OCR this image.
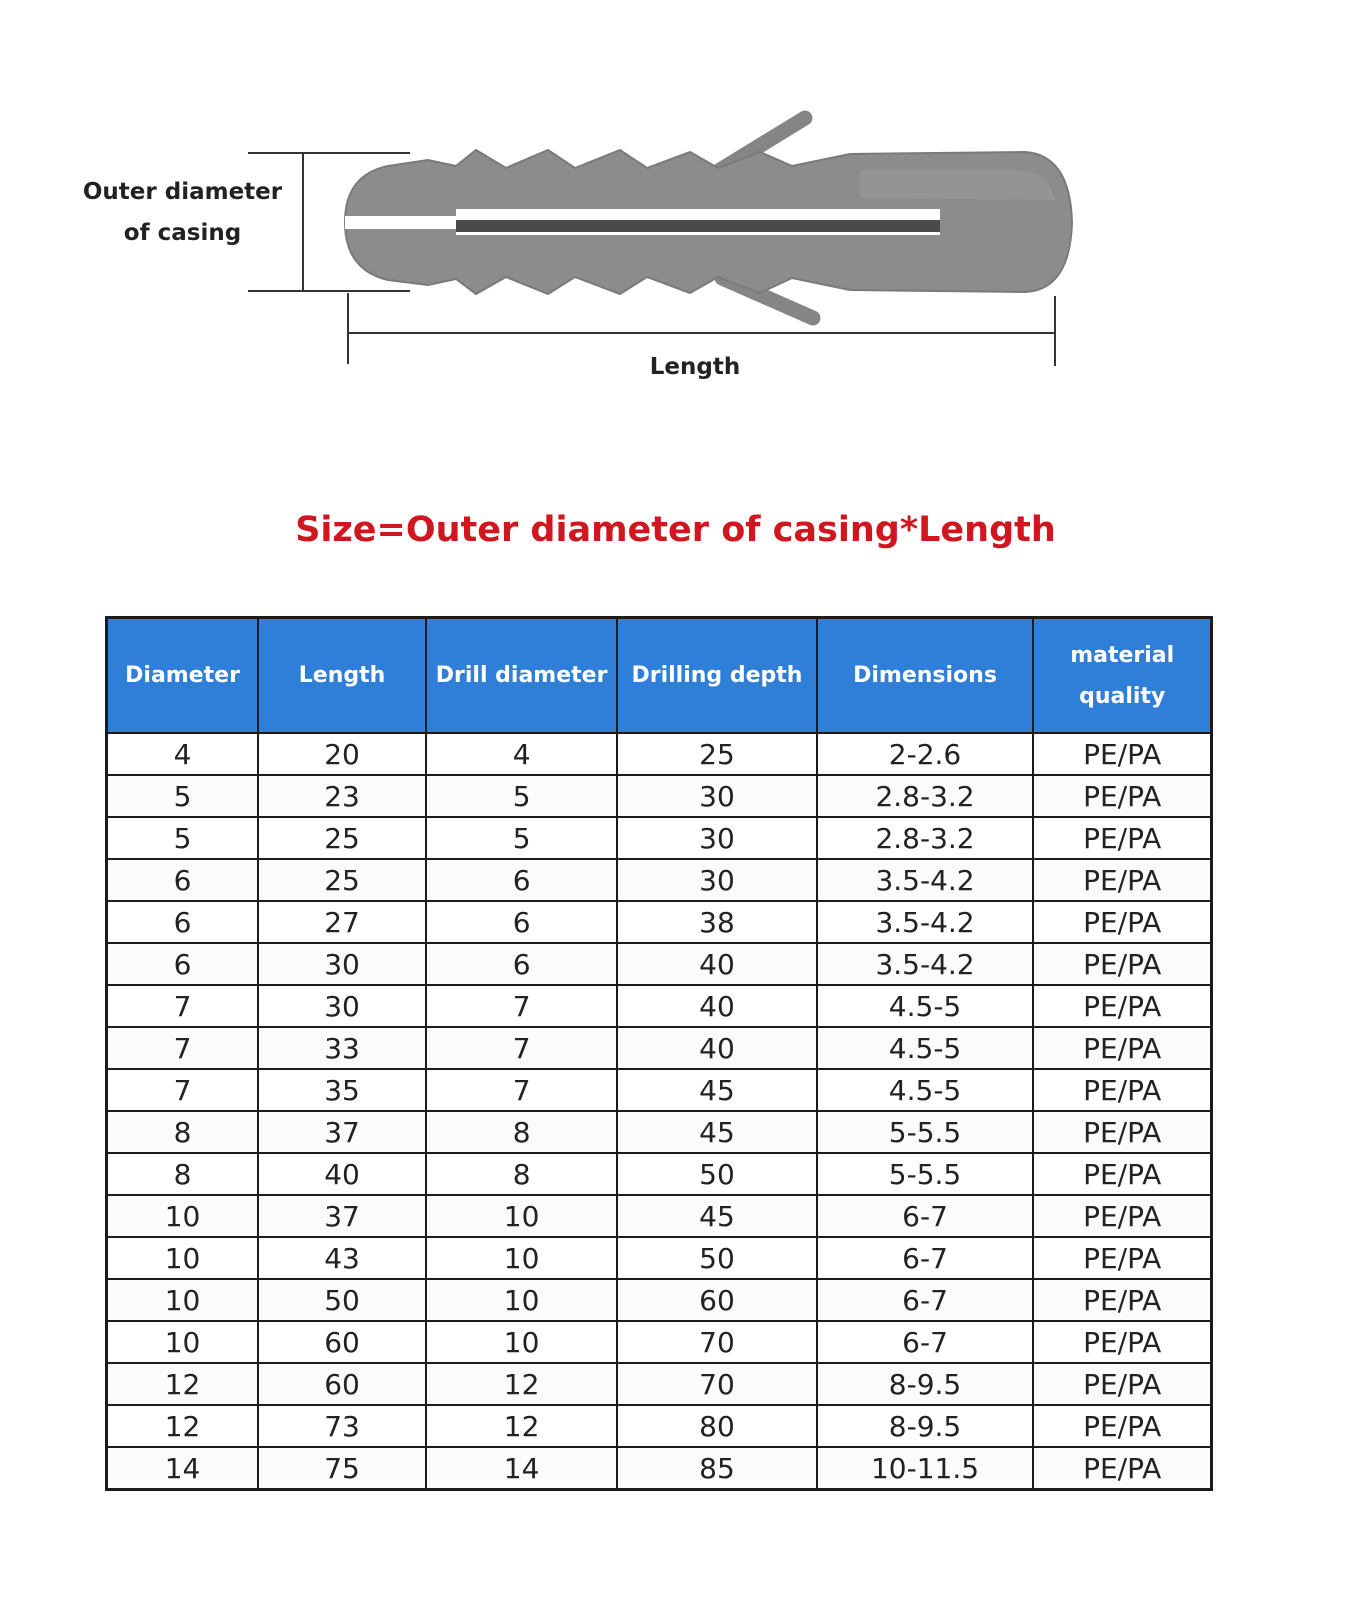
Outer diameter of casing
Length
Size=Outer diameter of casing*Length
Diameter	Length	Drill diameter	Drilling depth	Dimensions	material quality
4	20	4	25	2-2.6	PE/PA
5	23	5	30	2.8-3.2	PE/PA
5	25	5	30	2.8-3.2	PE/PA
6	25	6	30	3.5-4.2	PE/PA
6	27	6	38	3.5-4.2	PE/PA
6	30	6	40	3.5-4.2	PE/PA
7	30	7	40	4.5-5	PE/PA
7	33	7	40	4.5-5	PE/PA
7	35	7	45	4.5-5	PE/PA
8	37	8	45	5-5.5	PE/PA
8	40	8	50	5-5.5	PE/PA
10	37	10	45	6-7	PE/PA
10	43	10	50	6-7	PE/PA
10	50	10	60	6-7	PE/PA
10	60	10	70	6-7	PE/PA
12	60	12	70	8-9.5	PE/PA
12	73	12	80	8-9.5	PE/PA
14	75	14	85	10-11.5	PE/PA
